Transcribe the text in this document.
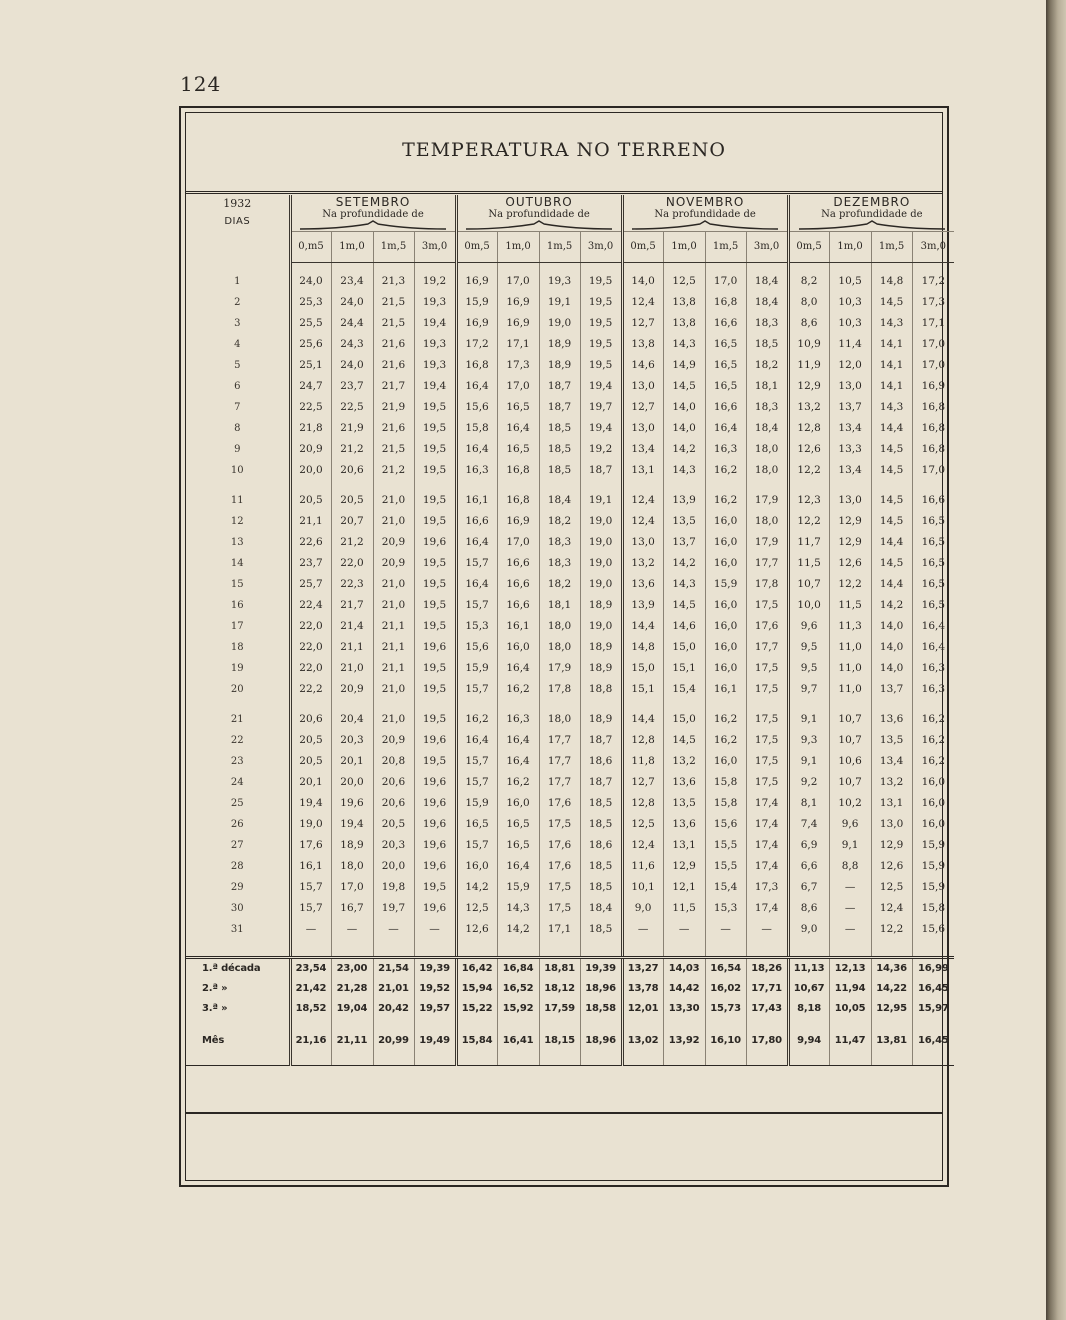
124
TEMPERATURA NO TERRENO
1932
DIAS	SETEMBRO				OUTUBRO				NOVEMBRO				DEZEMBRO			

	Na profundidade de				Na profundidade de				Na profundidade de				Na profundidade de			

	0,m5	1m,0	1m,5	3m,0	0m,5	1m,0	1m,5	3m,0	0m,5	1m,0	1m,5	3m,0	0m,5	1m,0	1m,5	3m,0

1	24,0	23,4	21,3	19,2	16,9	17,0	19,3	19,5	14,0	12,5	17,0	18,4	8,2	10,5	14,8	17,2
2	25,3	24,0	21,5	19,3	15,9	16,9	19,1	19,5	12,4	13,8	16,8	18,4	8,0	10,3	14,5	17,3
3	25,5	24,4	21,5	19,4	16,9	16,9	19,0	19,5	12,7	13,8	16,6	18,3	8,6	10,3	14,3	17,1
4	25,6	24,3	21,6	19,3	17,2	17,1	18,9	19,5	13,8	14,3	16,5	18,5	10,9	11,4	14,1	17,0
5	25,1	24,0	21,6	19,3	16,8	17,3	18,9	19,5	14,6	14,9	16,5	18,2	11,9	12,0	14,1	17,0
6	24,7	23,7	21,7	19,4	16,4	17,0	18,7	19,4	13,0	14,5	16,5	18,1	12,9	13,0	14,1	16,9
7	22,5	22,5	21,9	19,5	15,6	16,5	18,7	19,7	12,7	14,0	16,6	18,3	13,2	13,7	14,3	16,8
8	21,8	21,9	21,6	19,5	15,8	16,4	18,5	19,4	13,0	14,0	16,4	18,4	12,8	13,4	14,4	16,8
9	20,9	21,2	21,5	19,5	16,4	16,5	18,5	19,2	13,4	14,2	16,3	18,0	12,6	13,3	14,5	16,8
10	20,0	20,6	21,2	19,5	16,3	16,8	18,5	18,7	13,1	14,3	16,2	18,0	12,2	13,4	14,5	17,0

11	20,5	20,5	21,0	19,5	16,1	16,8	18,4	19,1	12,4	13,9	16,2	17,9	12,3	13,0	14,5	16,6
12	21,1	20,7	21,0	19,5	16,6	16,9	18,2	19,0	12,4	13,5	16,0	18,0	12,2	12,9	14,5	16,5
13	22,6	21,2	20,9	19,6	16,4	17,0	18,3	19,0	13,0	13,7	16,0	17,9	11,7	12,9	14,4	16,5
14	23,7	22,0	20,9	19,5	15,7	16,6	18,3	19,0	13,2	14,2	16,0	17,7	11,5	12,6	14,5	16,5
15	25,7	22,3	21,0	19,5	16,4	16,6	18,2	19,0	13,6	14,3	15,9	17,8	10,7	12,2	14,4	16,5
16	22,4	21,7	21,0	19,5	15,7	16,6	18,1	18,9	13,9	14,5	16,0	17,5	10,0	11,5	14,2	16,5
17	22,0	21,4	21,1	19,5	15,3	16,1	18,0	19,0	14,4	14,6	16,0	17,6	9,6	11,3	14,0	16,4
18	22,0	21,1	21,1	19,6	15,6	16,0	18,0	18,9	14,8	15,0	16,0	17,7	9,5	11,0	14,0	16,4
19	22,0	21,0	21,1	19,5	15,9	16,4	17,9	18,9	15,0	15,1	16,0	17,5	9,5	11,0	14,0	16,3
20	22,2	20,9	21,0	19,5	15,7	16,2	17,8	18,8	15,1	15,4	16,1	17,5	9,7	11,0	13,7	16,3

21	20,6	20,4	21,0	19,5	16,2	16,3	18,0	18,9	14,4	15,0	16,2	17,5	9,1	10,7	13,6	16,2
22	20,5	20,3	20,9	19,6	16,4	16,4	17,7	18,7	12,8	14,5	16,2	17,5	9,3	10,7	13,5	16,2
23	20,5	20,1	20,8	19,5	15,7	16,4	17,7	18,6	11,8	13,2	16,0	17,5	9,1	10,6	13,4	16,2
24	20,1	20,0	20,6	19,6	15,7	16,2	17,7	18,7	12,7	13,6	15,8	17,5	9,2	10,7	13,2	16,0
25	19,4	19,6	20,6	19,6	15,9	16,0	17,6	18,5	12,8	13,5	15,8	17,4	8,1	10,2	13,1	16,0
26	19,0	19,4	20,5	19,6	16,5	16,5	17,5	18,5	12,5	13,6	15,6	17,4	7,4	9,6	13,0	16,0
27	17,6	18,9	20,3	19,6	15,7	16,5	17,6	18,6	12,4	13,1	15,5	17,4	6,9	9,1	12,9	15,9
28	16,1	18,0	20,0	19,6	16,0	16,4	17,6	18,5	11,6	12,9	15,5	17,4	6,6	8,8	12,6	15,9
29	15,7	17,0	19,8	19,5	14,2	15,9	17,5	18,5	10,1	12,1	15,4	17,3	6,7	—	12,5	15,9
30	15,7	16,7	19,7	19,6	12,5	14,3	17,5	18,4	9,0	11,5	15,3	17,4	8,6	—	12,4	15,8
31	—	—	—	—	12,6	14,2	17,1	18,5	—	—	—	—	9,0	—	12,2	15,6

1.ª década	23,54	23,00	21,54	19,39	16,42	16,84	18,81	19,39	13,27	14,03	16,54	18,26	11,13	12,13	14,36	16,99
2.ª »	21,42	21,28	21,01	19,52	15,94	16,52	18,12	18,96	13,78	14,42	16,02	17,71	10,67	11,94	14,22	16,45
3.ª »	18,52	19,04	20,42	19,57	15,22	15,92	17,59	18,58	12,01	13,30	15,73	17,43	8,18	10,05	12,95	15,97

Mês	21,16	21,11	20,99	19,49	15,84	16,41	18,15	18,96	13,02	13,92	16,10	17,80	9,94	11,47	13,81	16,45
